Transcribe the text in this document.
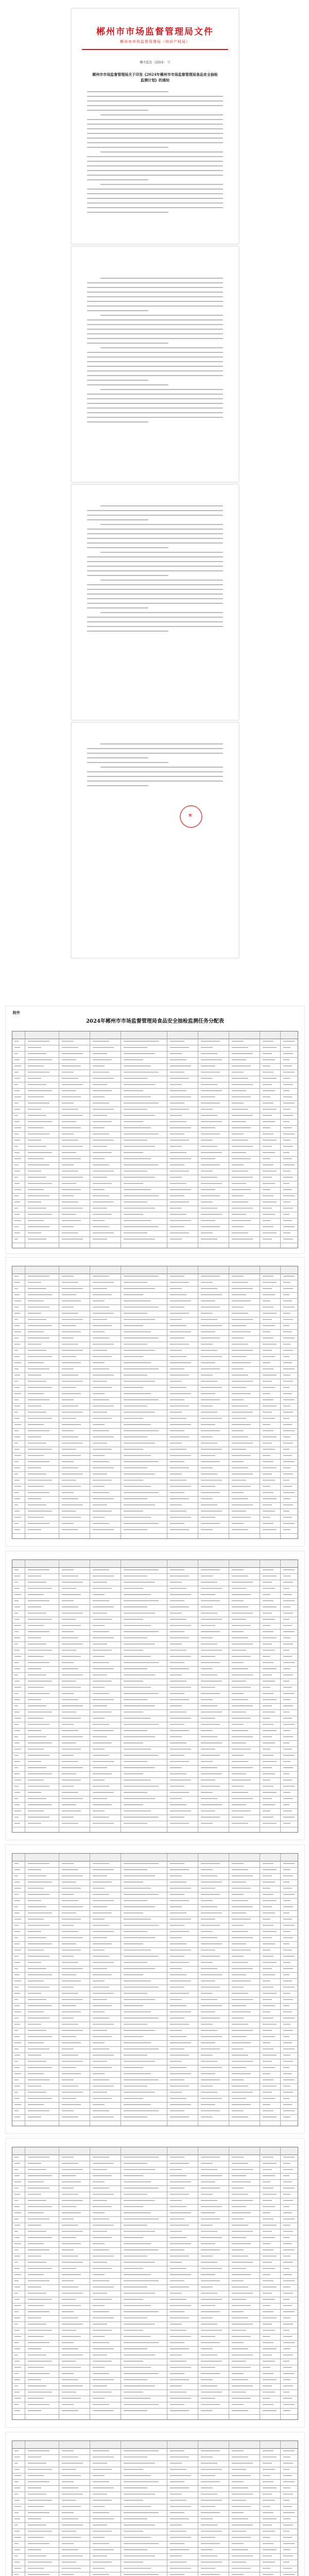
郴州市市场监督管理局文件
郴州市市场监督管理局（知识产权局）
郴市监发〔2024〕 号
郴州市市场监督管理局关于印发《2024年郴州市市场监督管理局食品安全抽检监测计划》的通知
★
附件
2024年郴州市市场监督管理局食品安全抽检监测任务分配表
